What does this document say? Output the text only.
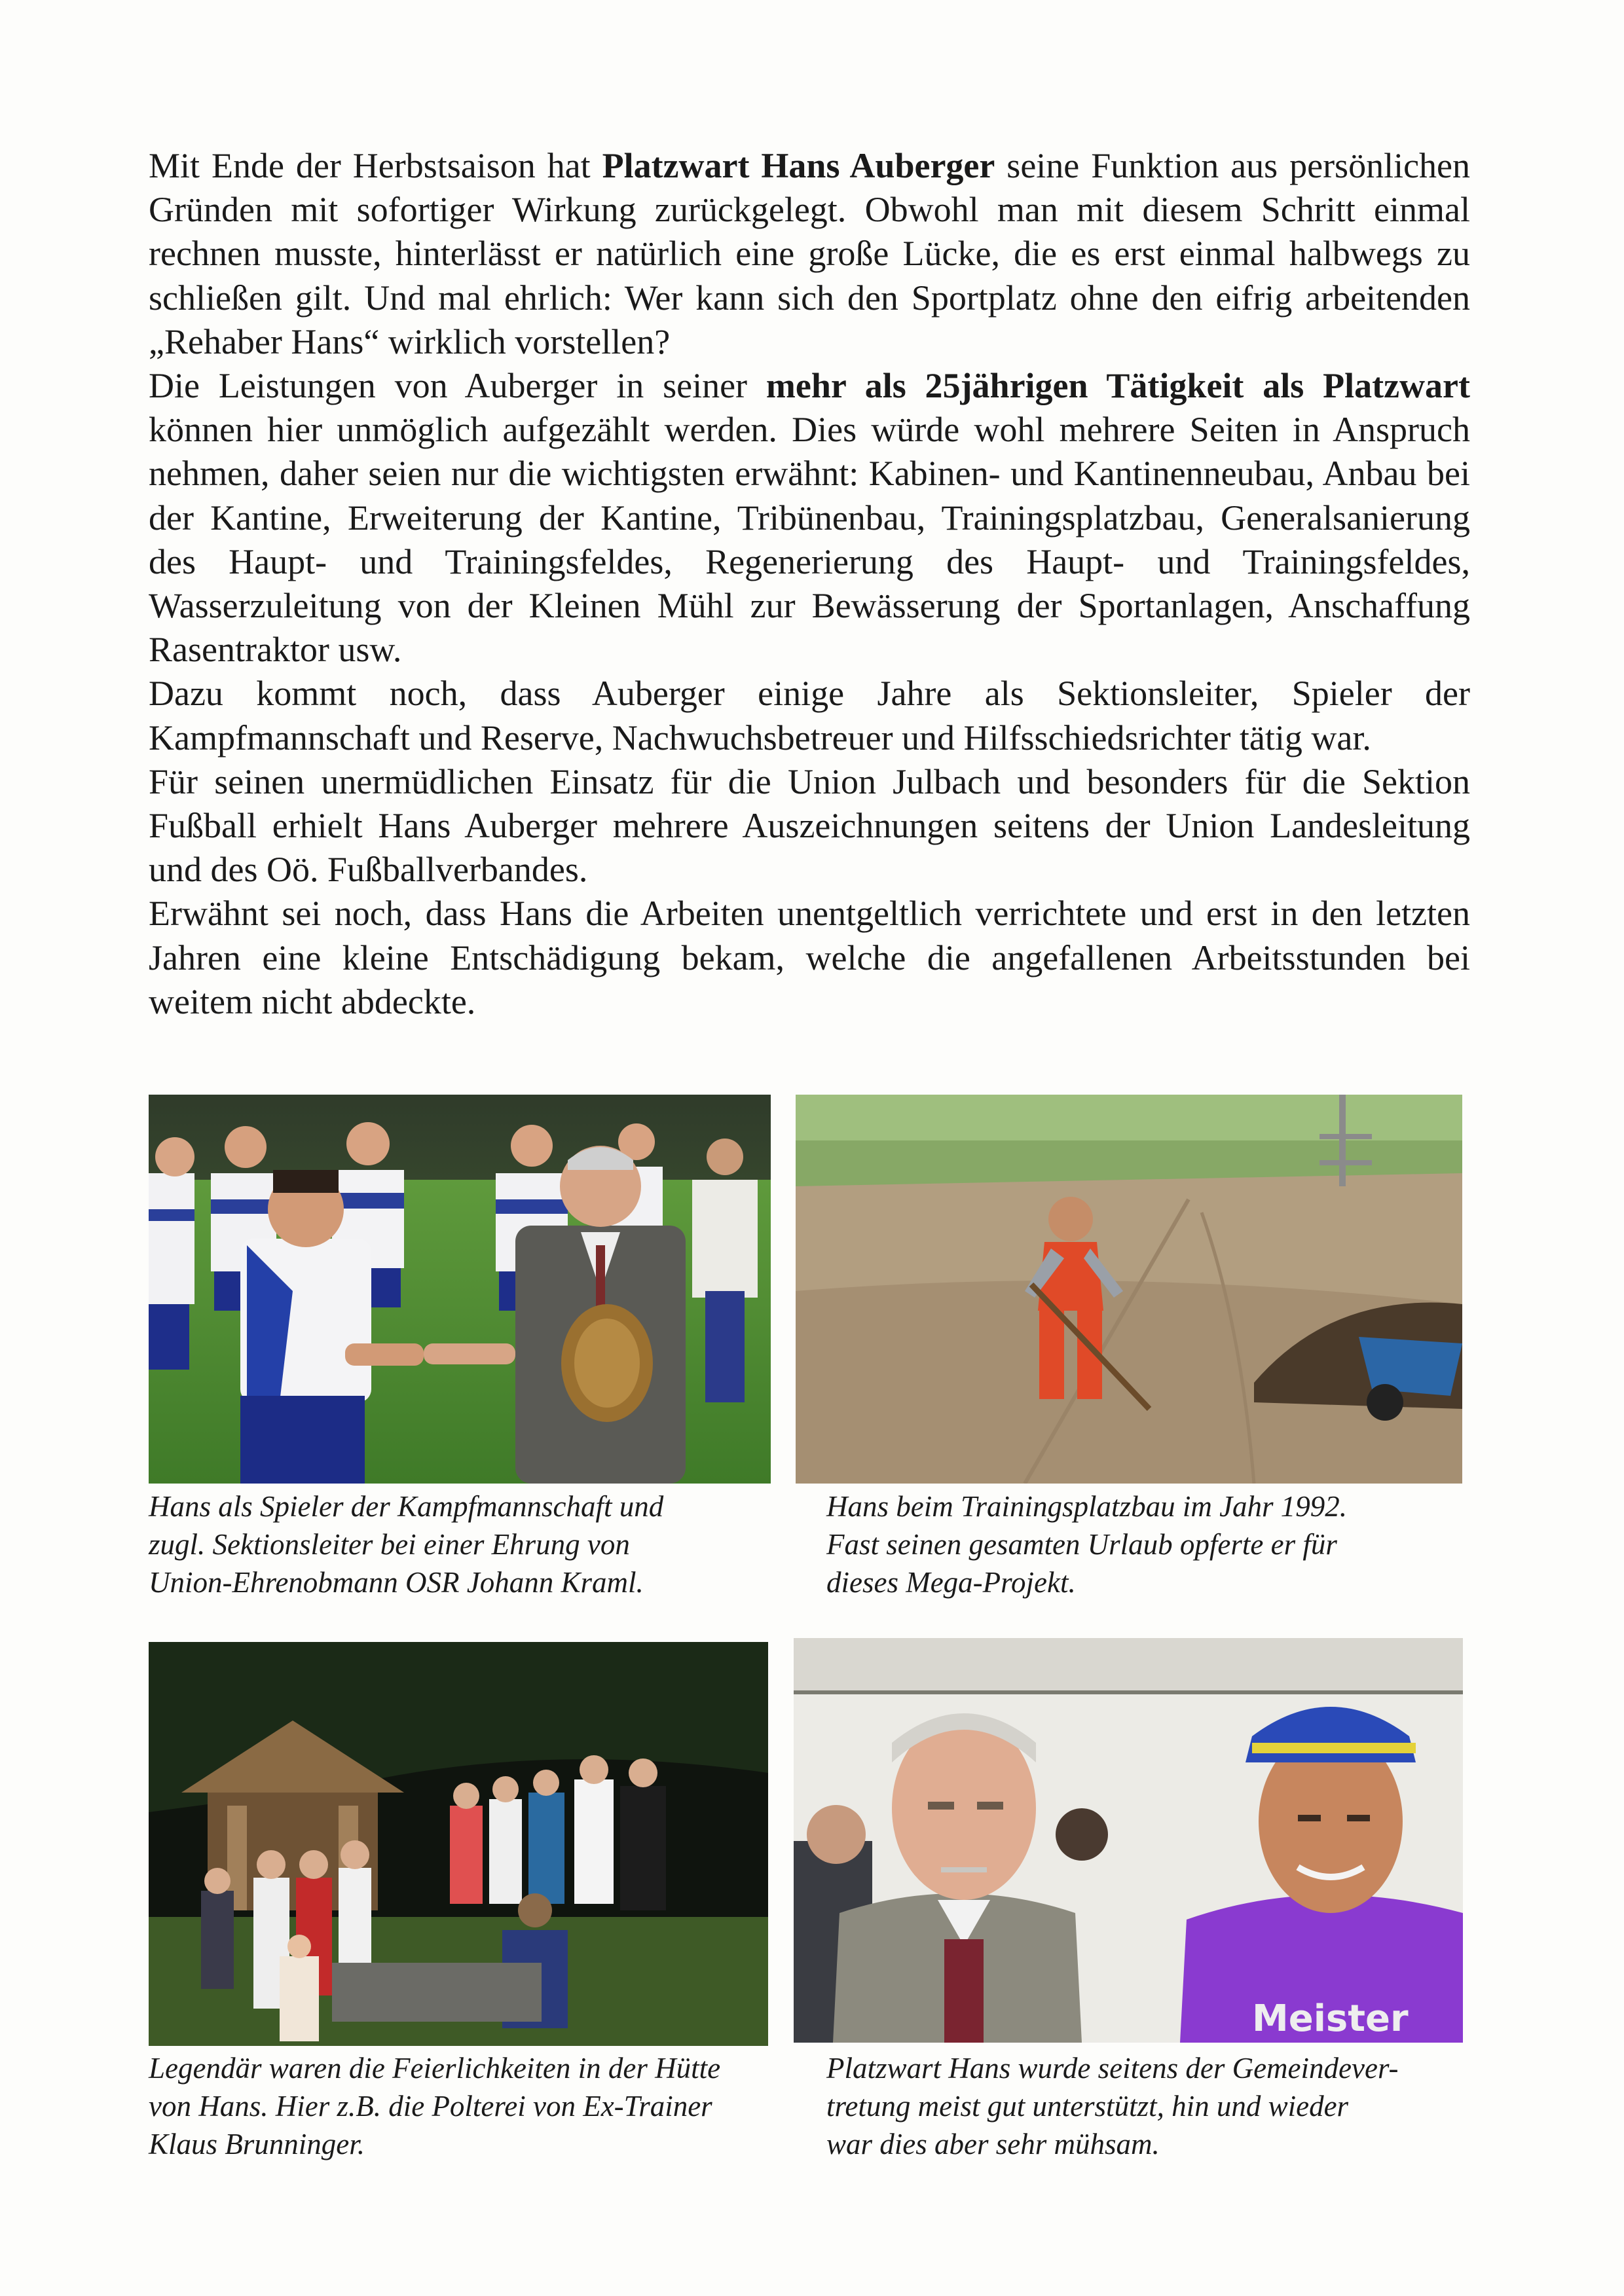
Mit Ende der Herbstsaison hat Platzwart Hans Auberger seine Funktion aus persönlichen Gründen mit sofortiger Wirkung zurückgelegt. Obwohl man mit diesem Schritt einmal rechnen musste, hinterlässt er natürlich eine große Lücke, die es erst einmal halbwegs zu schließen gilt. Und mal ehrlich: Wer kann sich den Sportplatz ohne den eifrig arbeitenden „Rehaber Hans“ wirklich vorstellen?

Die Leistungen von Auberger in seiner mehr als 25jährigen Tätigkeit als Platzwart können hier unmöglich aufgezählt werden. Dies würde wohl mehrere Seiten in Anspruch nehmen, daher seien nur die wichtigsten erwähnt: Kabinen- und Kantinenneubau, Anbau bei der Kantine, Erweiterung der Kantine, Tribünenbau, Trainingsplatzbau, Generalsanierung des Haupt- und Trainingsfeldes, Regenerierung des Haupt- und Trainingsfeldes, Wasserzuleitung von der Kleinen Mühl zur Bewässerung der Sportanlagen, Anschaffung Rasentraktor usw.

Dazu kommt noch, dass Auberger einige Jahre als Sektionsleiter, Spieler der Kampfmannschaft und Reserve, Nachwuchsbetreuer und Hilfsschiedsrichter tätig war.

Für seinen unermüdlichen Einsatz für die Union Julbach und besonders für die Sektion Fußball erhielt Hans Auberger mehrere Auszeichnungen seitens der Union Landesleitung und des Oö. Fußballverbandes.

Erwähnt sei noch, dass Hans die Arbeiten unentgeltlich verrichtete und erst in den letzten Jahren eine kleine Entschädigung bekam, welche die angefallenen Arbeitsstunden bei weitem nicht abdeckte.

Meister
Hans als Spieler der Kampfmannschaft und
zugl. Sektionsleiter bei einer Ehrung von
Union-Ehrenobmann OSR Johann Kraml.
Hans beim Trainingsplatzbau im Jahr 1992.
Fast seinen gesamten Urlaub opferte er für
dieses Mega-Projekt.
Legendär waren die Feierlichkeiten in der Hütte
von Hans. Hier z.B. die Polterei von Ex-Trainer
Klaus Brunninger.
Platzwart Hans wurde seitens der Gemeindever-
tretung meist gut unterstützt, hin und wieder
war dies aber sehr mühsam.
